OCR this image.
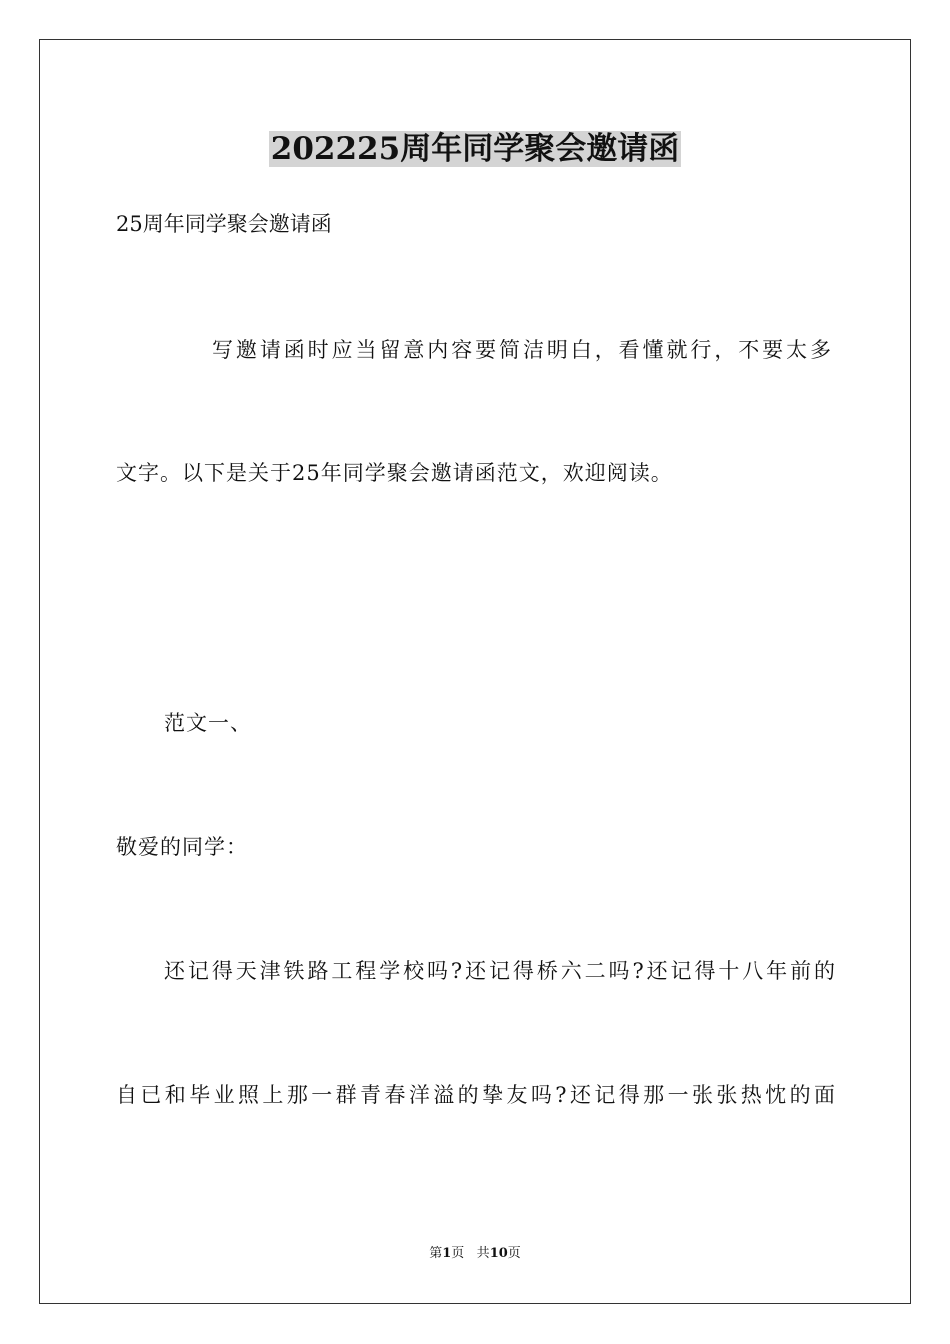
202225周年同学聚会邀请函
25周年同学聚会邀请函
写邀请函时应当留意内容要简洁明白，看懂就行，不要太多
文字。以下是关于25年同学聚会邀请函范文，欢迎阅读。
范文一、
敬爱的同学：
还记得天津铁路工程学校吗?还记得桥六二吗?还记得十八年前的
自已和毕业照上那一群青春洋溢的挚友吗?还记得那一张张热忱的面
第1页 共10页
